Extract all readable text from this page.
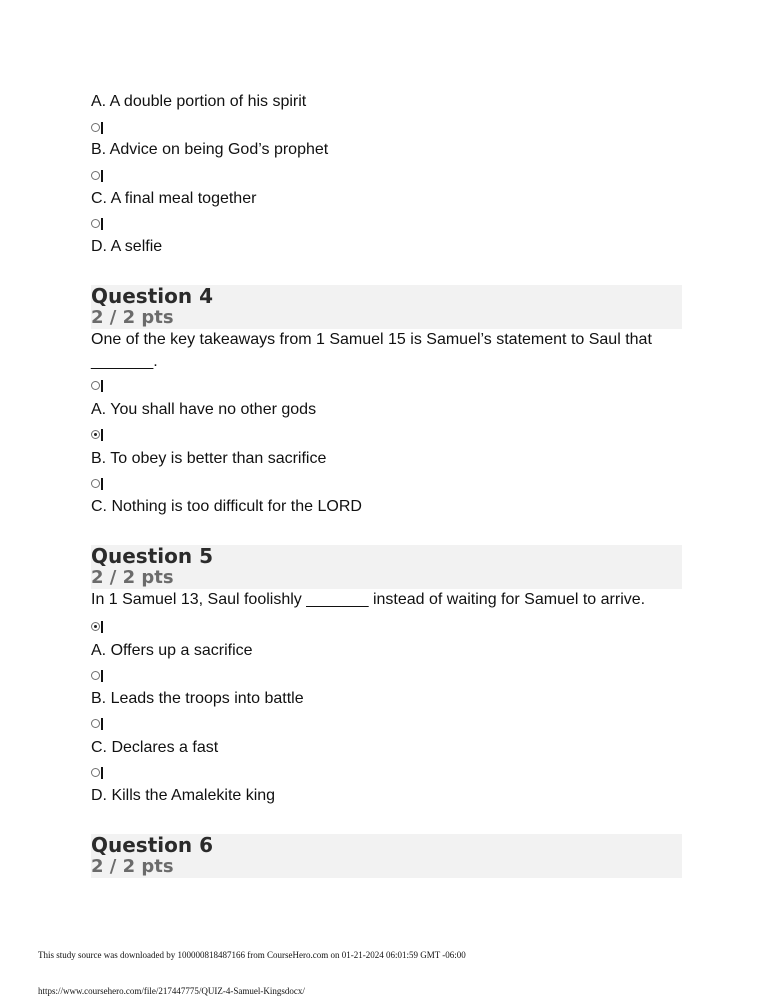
A. A double portion of his spirit
B. Advice on being God’s prophet
C. A final meal together
D. A selfie
Question 4
2 / 2 pts
One of the key takeaways from 1 Samuel 15 is Samuel’s statement to Saul that
_______.
A. You shall have no other gods
B. To obey is better than sacrifice
C. Nothing is too difficult for the LORD
Question 5
2 / 2 pts
In 1 Samuel 13, Saul foolishly _______ instead of waiting for Samuel to arrive.
A. Offers up a sacrifice
B. Leads the troops into battle
C. Declares a fast
D. Kills the Amalekite king
Question 6
2 / 2 pts
This study source was downloaded by 100000818487166 from CourseHero.com on 01-21-2024 06:01:59 GMT -06:00
https://www.coursehero.com/file/217447775/QUIZ-4-Samuel-Kingsdocx/
